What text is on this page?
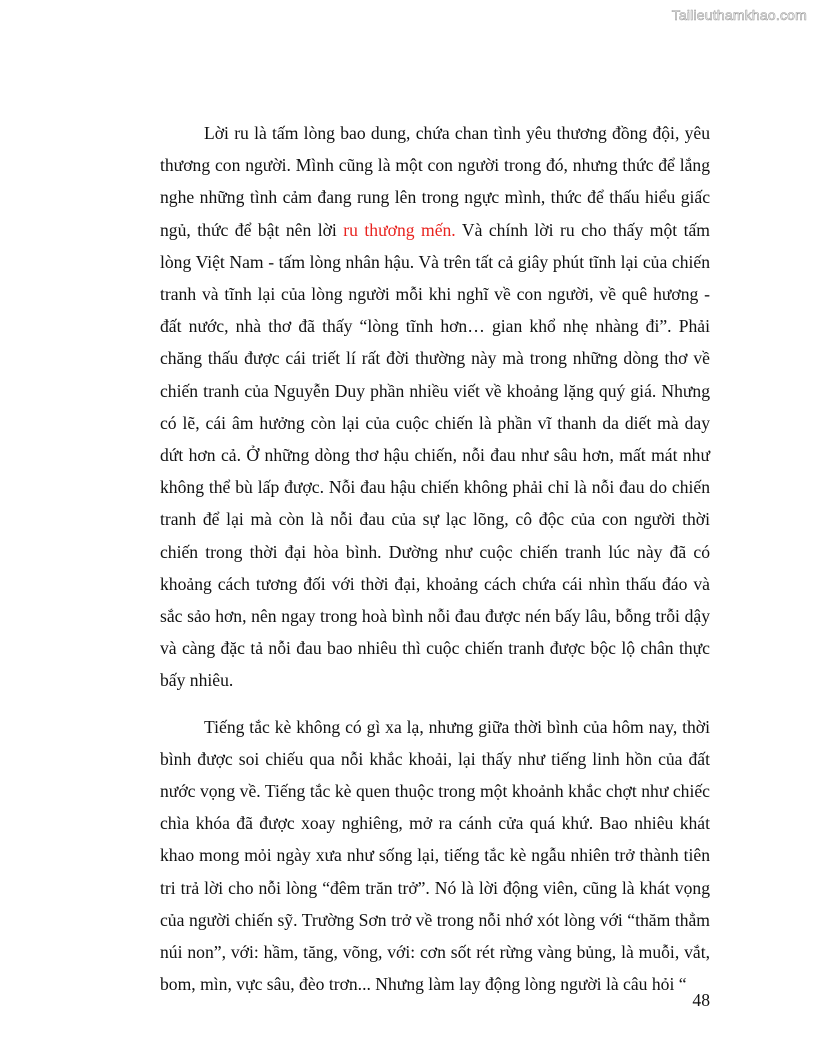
Tailieuthamkhao.com

Lời ru là tấm lòng bao dung, chứa chan tình yêu thương đồng đội, yêu thương con người. Mình cũng là một con người trong đó, nhưng thức để lắng nghe những tình cảm đang rung lên trong ngực mình, thức để thấu hiểu giấc ngủ, thức để bật nên lời ru thương mến. Và chính lời ru cho thấy một tấm lòng Việt Nam - tấm lòng nhân hậu. Và trên tất cả giây phút tĩnh lại của chiến tranh và tĩnh lại của lòng người mỗi khi nghĩ về con người, về quê hương - đất nước, nhà thơ đã thấy “lòng tĩnh hơn… gian khổ nhẹ nhàng đi”. Phải chăng thấu được cái triết lí rất đời thường này mà trong những dòng thơ về chiến tranh của Nguyễn Duy phần nhiều viết về khoảng lặng quý giá. Nhưng có lẽ, cái âm hưởng còn lại của cuộc chiến là phần vĩ thanh da diết mà day dứt hơn cả. Ở những dòng thơ hậu chiến, nỗi đau như sâu hơn, mất mát như không thể bù lấp được. Nỗi đau hậu chiến không phải chỉ là nỗi đau do chiến tranh để lại mà còn là nỗi đau của sự lạc lõng, cô độc của con người thời chiến trong thời đại hòa bình. Dường như cuộc chiến tranh lúc này đã có khoảng cách tương đối với thời đại, khoảng cách chứa cái nhìn thấu đáo và sắc sảo hơn, nên ngay trong hoà bình nỗi đau được nén bấy lâu, bỗng trỗi dậy và càng đặc tả nỗi đau bao nhiêu thì cuộc chiến tranh được bộc lộ chân thực bấy nhiêu.

Tiếng tắc kè không có gì xa lạ, nhưng giữa thời bình của hôm nay, thời bình được soi chiếu qua nỗi khắc khoải, lại thấy như tiếng linh hồn của đất nước vọng về. Tiếng tắc kè quen thuộc trong một khoảnh khắc chợt như chiếc chìa khóa đã được xoay nghiêng, mở ra cánh cửa quá khứ. Bao nhiêu khát khao mong mỏi ngày xưa như sống lại, tiếng tắc kè ngẫu nhiên trở thành tiên tri trả lời cho nỗi lòng “đêm trăn trở”. Nó là lời động viên, cũng là khát vọng của người chiến sỹ. Trường Sơn trở về trong nỗi nhớ xót lòng với “thăm thẳm núi non”, với: hầm, tăng, võng, với: cơn sốt rét rừng vàng bủng, là muỗi, vắt, bom, mìn, vực sâu, đèo trơn... Nhưng làm lay động lòng người là câu hỏi “

48
